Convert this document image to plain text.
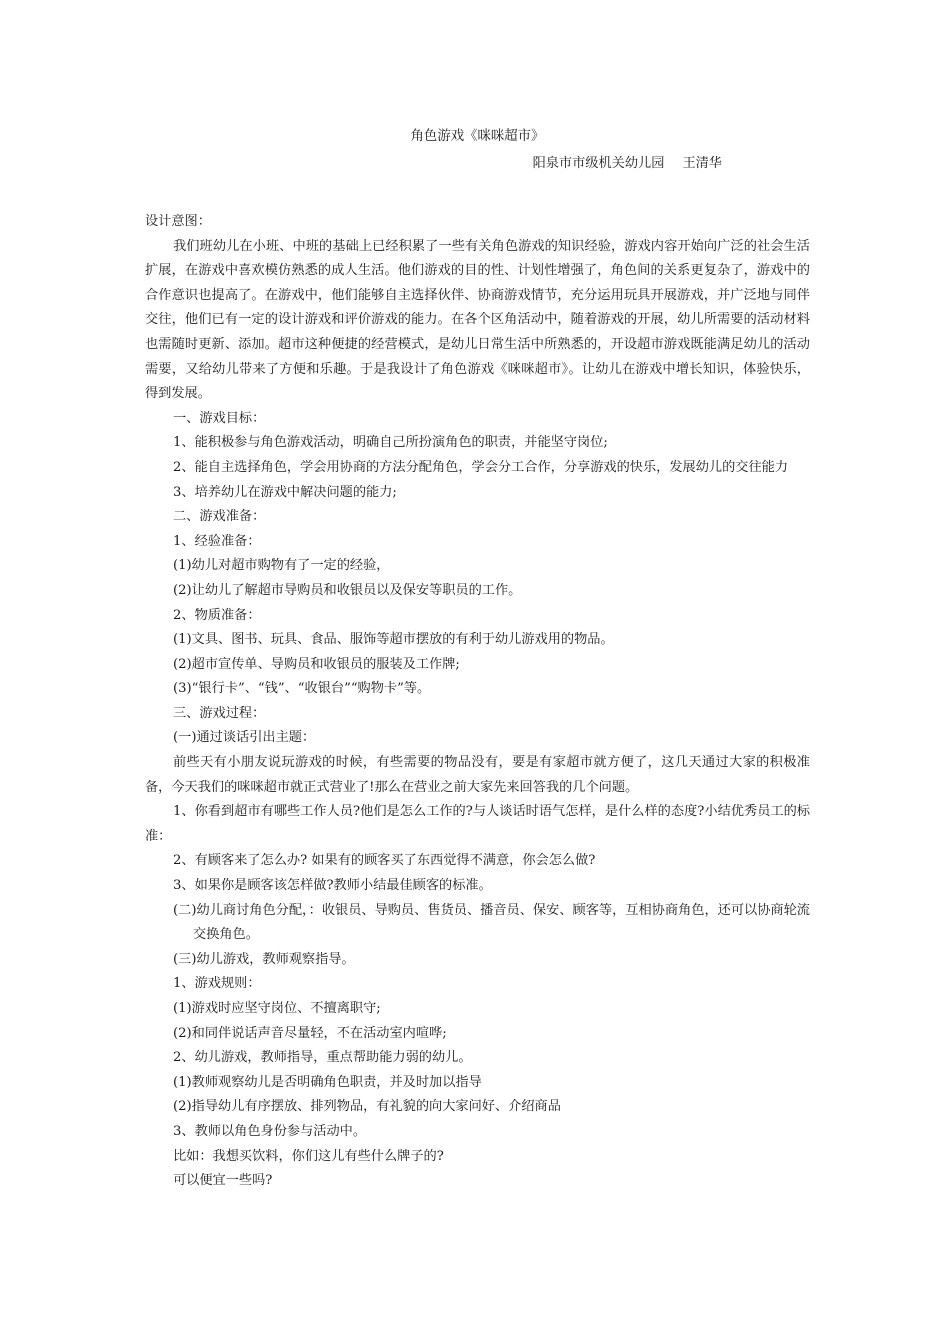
角色游戏《咪咪超市》

阳泉市市级机关幼儿园 王清华

设计意图：

我们班幼儿在小班、中班的基础上已经积累了一些有关角色游戏的知识经验，游戏内容开始向广泛的社会生活扩展，在游戏中喜欢模仿熟悉的成人生活。他们游戏的目的性、计划性增强了，角色间的关系更复杂了，游戏中的合作意识也提高了。在游戏中，他们能够自主选择伙伴、协商游戏情节，充分运用玩具开展游戏，并广泛地与同伴交往，他们已有一定的设计游戏和评价游戏的能力。在各个区角活动中，随着游戏的开展，幼儿所需要的活动材料也需随时更新、添加。超市这种便捷的经营模式，是幼儿日常生活中所熟悉的，开设超市游戏既能满足幼儿的活动需要，又给幼儿带来了方便和乐趣。于是我设计了角色游戏《咪咪超市》。让幼儿在游戏中增长知识，体验快乐，得到发展。

一、游戏目标：

1、能积极参与角色游戏活动，明确自己所扮演角色的职责，并能坚守岗位;

2、能自主选择角色，学会用协商的方法分配角色，学会分工合作，分享游戏的快乐，发展幼儿的交往能力

3、培养幼儿在游戏中解决问题的能力;

二、游戏准备：

1、经验准备：

(1)幼儿对超市购物有了一定的经验，

(2)让幼儿了解超市导购员和收银员以及保安等职员的工作。

2、物质准备：

(1)文具、图书、玩具、食品、服饰等超市摆放的有利于幼儿游戏用的物品。

(2)超市宣传单、导购员和收银员的服装及工作牌;

(3)“银行卡”、“钱”、“收银台”“购物卡”等。

三、游戏过程：

(一)通过谈话引出主题：

前些天有小朋友说玩游戏的时候，有些需要的物品没有，要是有家超市就方便了，这几天通过大家的积极准备，今天我们的咪咪超市就正式营业了!那么在营业之前大家先来回答我的几个问题。

1、你看到超市有哪些工作人员?他们是怎么工作的?与人谈话时语气怎样，是什么样的态度?小结优秀员工的标准：

2、有顾客来了怎么办? 如果有的顾客买了东西觉得不满意，你会怎么做?

3、如果你是顾客该怎样做?教师小结最佳顾客的标准。

(二)幼儿商讨角色分配，：收银员、导购员、售货员、播音员、保安、顾客等，互相协商角色，还可以协商轮流交换角色。

(三)幼儿游戏，教师观察指导。

1、游戏规则：

(1)游戏时应坚守岗位、不擅离职守;

(2)和同伴说话声音尽量轻，不在活动室内喧哗;

2、幼儿游戏，教师指导，重点帮助能力弱的幼儿。

(1)教师观察幼儿是否明确角色职责，并及时加以指导

(2)指导幼儿有序摆放、排列物品，有礼貌的向大家问好、介绍商品

3、教师以角色身份参与活动中。

比如：我想买饮料，你们这儿有些什么牌子的?

可以便宜一些吗?
